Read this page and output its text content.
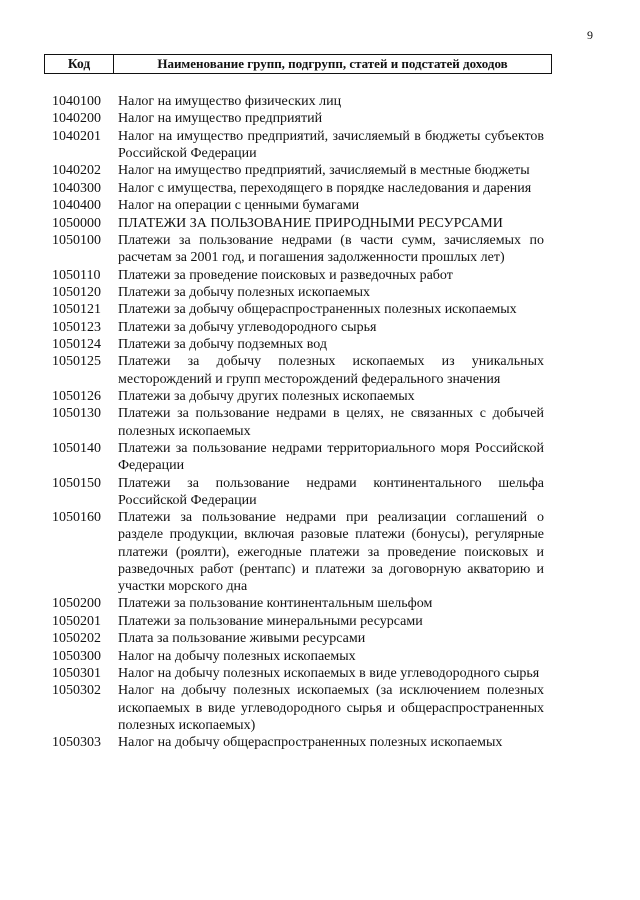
9
Код	Наименование групп, подгрупп, статей и подстатей доходов
1040100	Налог на имущество физических лиц
1040200	Налог на имущество предприятий
1040201	Налог на имущество предприятий, зачисляемый в бюджеты субъектов Российской Федерации
1040202	Налог на имущество предприятий, зачисляемый в местные бюджеты
1040300	Налог с имущества, переходящего в порядке наследования и дарения
1040400	Налог на операции с ценными бумагами
1050000	ПЛАТЕЖИ ЗА ПОЛЬЗОВАНИЕ ПРИРОДНЫМИ РЕСУРСАМИ
1050100	Платежи за пользование недрами (в части сумм, зачисляемых по расчетам за 2001 год, и погашения задолженности прошлых лет)
1050110	Платежи за проведение поисковых и разведочных работ
1050120	Платежи за добычу полезных ископаемых
1050121	Платежи за добычу общераспространенных полезных ископаемых
1050123	Платежи за добычу углеводородного сырья
1050124	Платежи за добычу подземных вод
1050125	Платежи за добычу полезных ископаемых из уникальных месторождений и групп месторождений федерального значения
1050126	Платежи за добычу других полезных ископаемых
1050130	Платежи за пользование недрами в целях, не связанных с добычей полезных ископаемых
1050140	Платежи за пользование недрами территориального моря Российской Федерации
1050150	Платежи за пользование недрами континентального шельфа Российской Федерации
1050160	Платежи за пользование недрами при реализации соглашений о разделе продукции, включая разовые платежи (бонусы), регулярные платежи (роялти), ежегодные платежи за проведение поисковых и разведочных работ (рентапс) и платежи за договорную акваторию и участки морского дна
1050200	Платежи за пользование континентальным шельфом
1050201	Платежи за пользование минеральными ресурсами
1050202	Плата за пользование живыми ресурсами
1050300	Налог на добычу полезных ископаемых
1050301	Налог на добычу полезных ископаемых в виде углеводородного сырья
1050302	Налог на добычу полезных ископаемых (за исключением полезных ископаемых в виде углеводородного сырья и общераспространенных полезных ископаемых)
1050303	Налог на добычу общераспространенных полезных ископаемых
